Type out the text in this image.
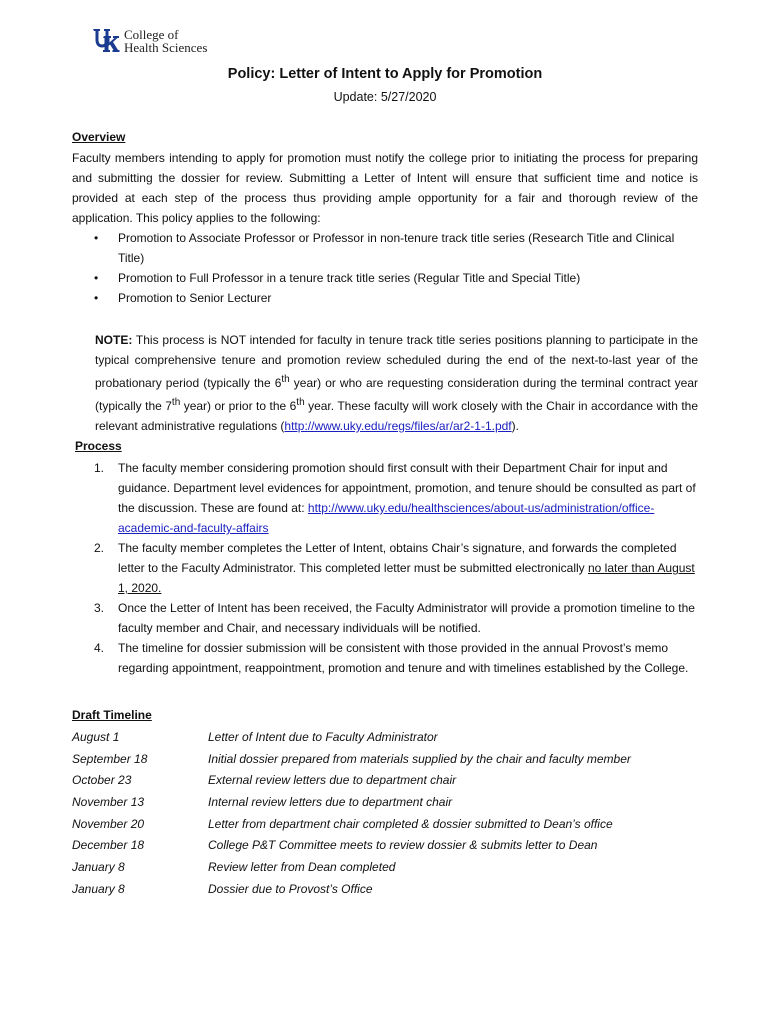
College of
Health Sciences
Policy: Letter of Intent to Apply for Promotion
Update: 5/27/2020
Overview
Faculty members intending to apply for promotion must notify the college prior to initiating the process for preparing and submitting the dossier for review. Submitting a Letter of Intent will ensure that sufficient time and notice is provided at each step of the process thus providing ample opportunity for a fair and thorough review of the application. This policy applies to the following:
• Promotion to Associate Professor or Professor in non-tenure track title series (Research Title and Clinical Title)
• Promotion to Full Professor in a tenure track title series (Regular Title and Special Title)
• Promotion to Senior Lecturer
NOTE: This process is NOT intended for faculty in tenure track title series positions planning to participate in the typical comprehensive tenure and promotion review scheduled during the end of the next-to-last year of the probationary period (typically the 6th year) or who are requesting consideration during the terminal contract year (typically the 7th year) or prior to the 6th year. These faculty will work closely with the Chair in accordance with the relevant administrative regulations (http://www.uky.edu/regs/files/ar/ar2-1-1.pdf).
Process
1. The faculty member considering promotion should first consult with their Department Chair for input and guidance. Department level evidences for appointment, promotion, and tenure should be consulted as part of the discussion. These are found at: http://www.uky.edu/healthsciences/about-us/administration/office-academic-and-faculty-affairs
2. The faculty member completes the Letter of Intent, obtains Chair’s signature, and forwards the completed letter to the Faculty Administrator. This completed letter must be submitted electronically no later than August 1, 2020.
3. Once the Letter of Intent has been received, the Faculty Administrator will provide a promotion timeline to the faculty member and Chair, and necessary individuals will be notified.
4. The timeline for dossier submission will be consistent with those provided in the annual Provost’s memo regarding appointment, reappointment, promotion and tenure and with timelines established by the College.
Draft Timeline
August 1	Letter of Intent due to Faculty Administrator
September 18	Initial dossier prepared from materials supplied by the chair and faculty member
October 23	External review letters due to department chair
November 13	Internal review letters due to department chair
November 20	Letter from department chair completed & dossier submitted to Dean’s office
December 18	College P&T Committee meets to review dossier & submits letter to Dean
January 8	Review letter from Dean completed
January 8	Dossier due to Provost’s Office
